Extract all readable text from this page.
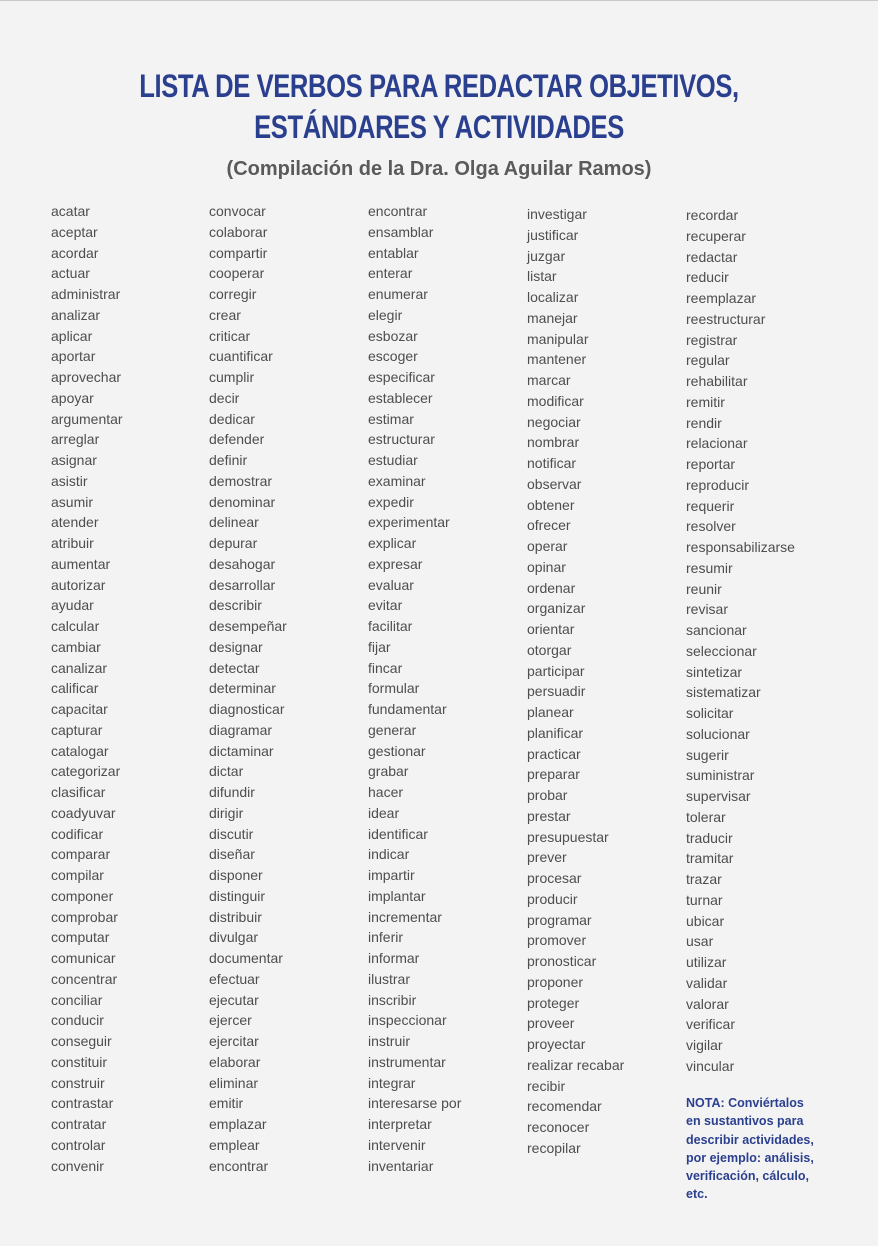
LISTA DE VERBOS PARA REDACTAR OBJETIVOS,
ESTÁNDARES Y ACTIVIDADES
(Compilación de la Dra. Olga Aguilar Ramos)
acatar
aceptar
acordar
actuar
administrar
analizar
aplicar
aportar
aprovechar
apoyar
argumentar
arreglar
asignar
asistir
asumir
atender
atribuir
aumentar
autorizar
ayudar
calcular
cambiar
canalizar
calificar
capacitar
capturar
catalogar
categorizar
clasificar
coadyuvar
codificar
comparar
compilar
componer
comprobar
computar
comunicar
concentrar
conciliar
conducir
conseguir
constituir
construir
contrastar
contratar
controlar
convenir
convocar
colaborar
compartir
cooperar
corregir
crear
criticar
cuantificar
cumplir
decir
dedicar
defender
definir
demostrar
denominar
delinear
depurar
desahogar
desarrollar
describir
desempeñar
designar
detectar
determinar
diagnosticar
diagramar
dictaminar
dictar
difundir
dirigir
discutir
diseñar
disponer
distinguir
distribuir
divulgar
documentar
efectuar
ejecutar
ejercer
ejercitar
elaborar
eliminar
emitir
emplazar
emplear
encontrar
encontrar
ensamblar
entablar
enterar
enumerar
elegir
esbozar
escoger
especificar
establecer
estimar
estructurar
estudiar
examinar
expedir
experimentar
explicar
expresar
evaluar
evitar
facilitar
fijar
fincar
formular
fundamentar
generar
gestionar
grabar
hacer
idear
identificar
indicar
impartir
implantar
incrementar
inferir
informar
ilustrar
inscribir
inspeccionar
instruir
instrumentar
integrar
interesarse por
interpretar
intervenir
inventariar
investigar
justificar
juzgar
listar
localizar
manejar
manipular
mantener
marcar
modificar
negociar
nombrar
notificar
observar
obtener
ofrecer
operar
opinar
ordenar
organizar
orientar
otorgar
participar
persuadir
planear
planificar
practicar
preparar
probar
prestar
presupuestar
prever
procesar
producir
programar
promover
pronosticar
proponer
proteger
proveer
proyectar
realizar recabar
recibir
recomendar
reconocer
recopilar
recordar
recuperar
redactar
reducir
reemplazar
reestructurar
registrar
regular
rehabilitar
remitir
rendir
relacionar
reportar
reproducir
requerir
resolver
responsabilizarse
resumir
reunir
revisar
sancionar
seleccionar
sintetizar
sistematizar
solicitar
solucionar
sugerir
suministrar
supervisar
tolerar
traducir
tramitar
trazar
turnar
ubicar
usar
utilizar
validar
valorar
verificar
vigilar
vincular
NOTA: Conviértalos
en sustantivos para
describir actividades,
por ejemplo: análisis,
verificación, cálculo,
etc.
